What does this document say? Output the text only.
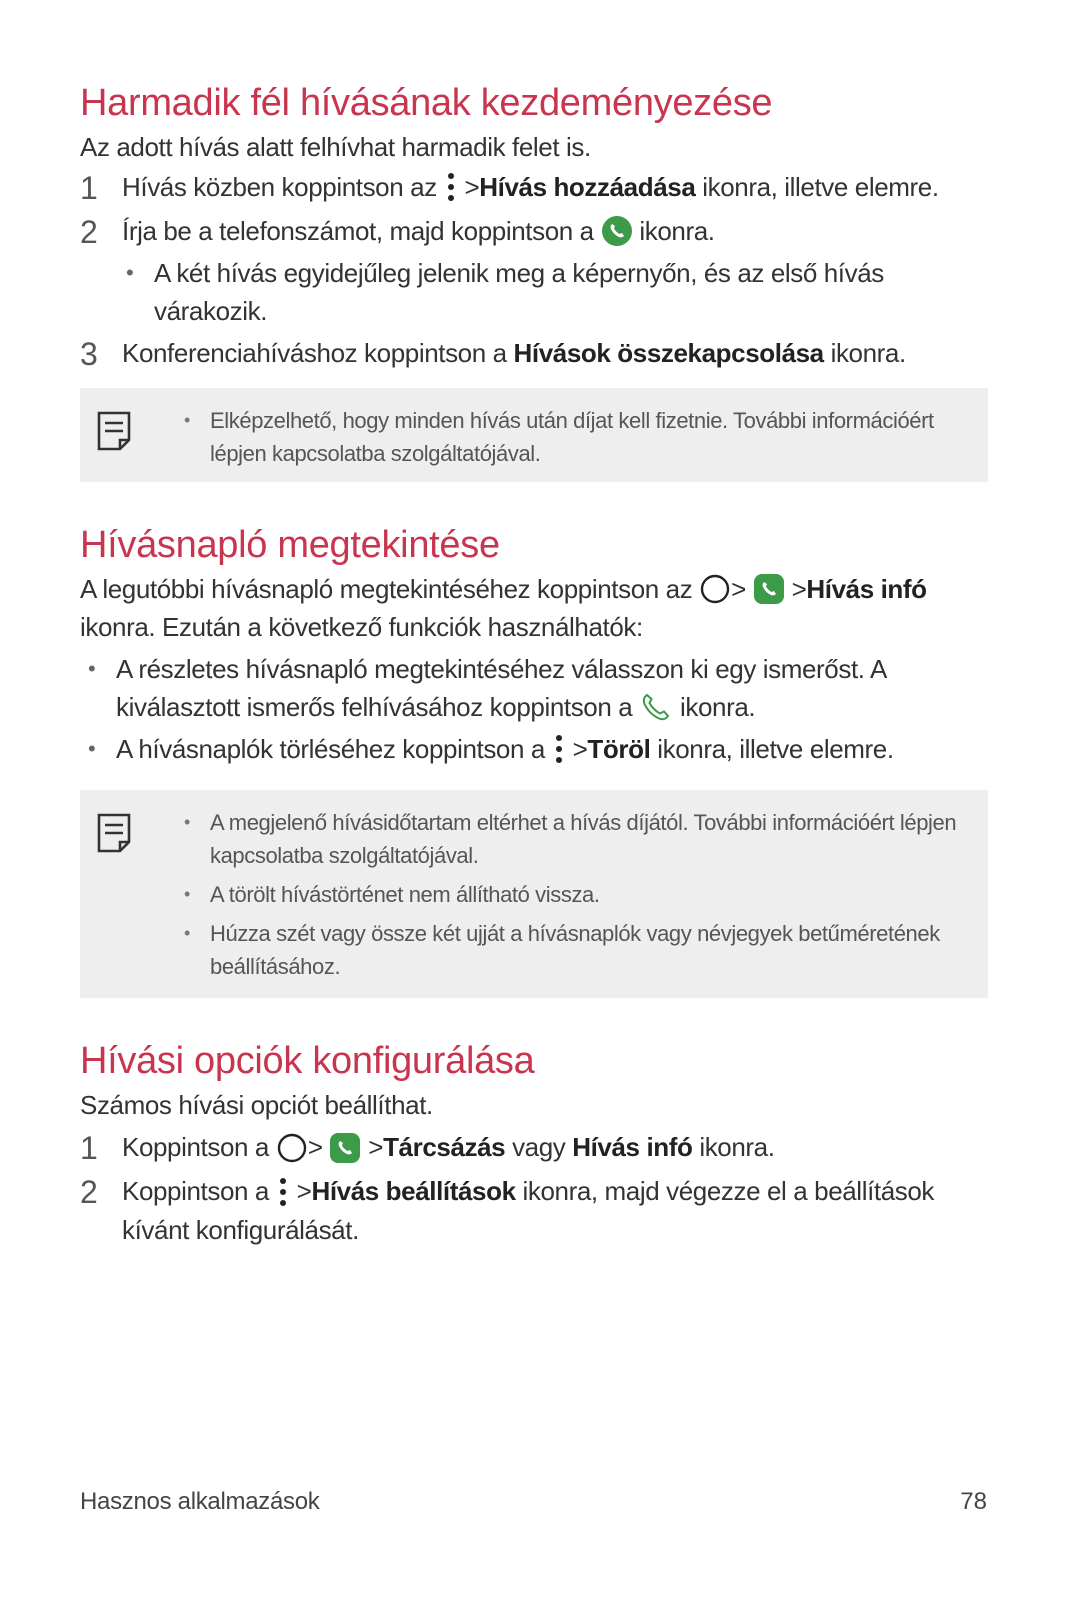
Harmadik fél hívásának kezdeményezése

Az adott hívás alatt felhívhat harmadik felet is.

1 Hívás közben koppintson az >Hívás hozzáadása ikonra, illetve elemre.
2 Írja be a telefonszámot, majd koppintson a ikonra.
• A két hívás egyidejűleg jelenik meg a képernyőn, és az első hívás várakozik.
3 Konferenciahíváshoz koppintson a Hívások összekapcsolása ikonra.
• Elképzelhető, hogy minden hívás után díjat kell fizetnie. További információért lépjen kapcsolatba szolgáltatójával.
Hívásnapló megtekintése

A legutóbbi hívásnapló megtekintéséhez koppintson az > >Hívás infó ikonra. Ezután a következő funkciók használhatók:

• A részletes hívásnapló megtekintéséhez válasszon ki egy ismerőst. A kiválasztott ismerős felhívásához koppintson a ikonra.
• A hívásnaplók törléséhez koppintson a >Töröl ikonra, illetve elemre.
• A megjelenő hívásidőtartam eltérhet a hívás díjától. További információért lépjen kapcsolatba szolgáltatójával.
• A törölt hívástörténet nem állítható vissza.
• Húzza szét vagy össze két ujját a hívásnaplók vagy névjegyek betűméretének beállításához.
Hívási opciók konfigurálása

Számos hívási opciót beállíthat.

1 Koppintson a > >Tárcsázás vagy Hívás infó ikonra.
2 Koppintson a >Hívás beállítások ikonra, majd végezze el a beállítások kívánt konfigurálását.
Hasznos alkalmazások	78
